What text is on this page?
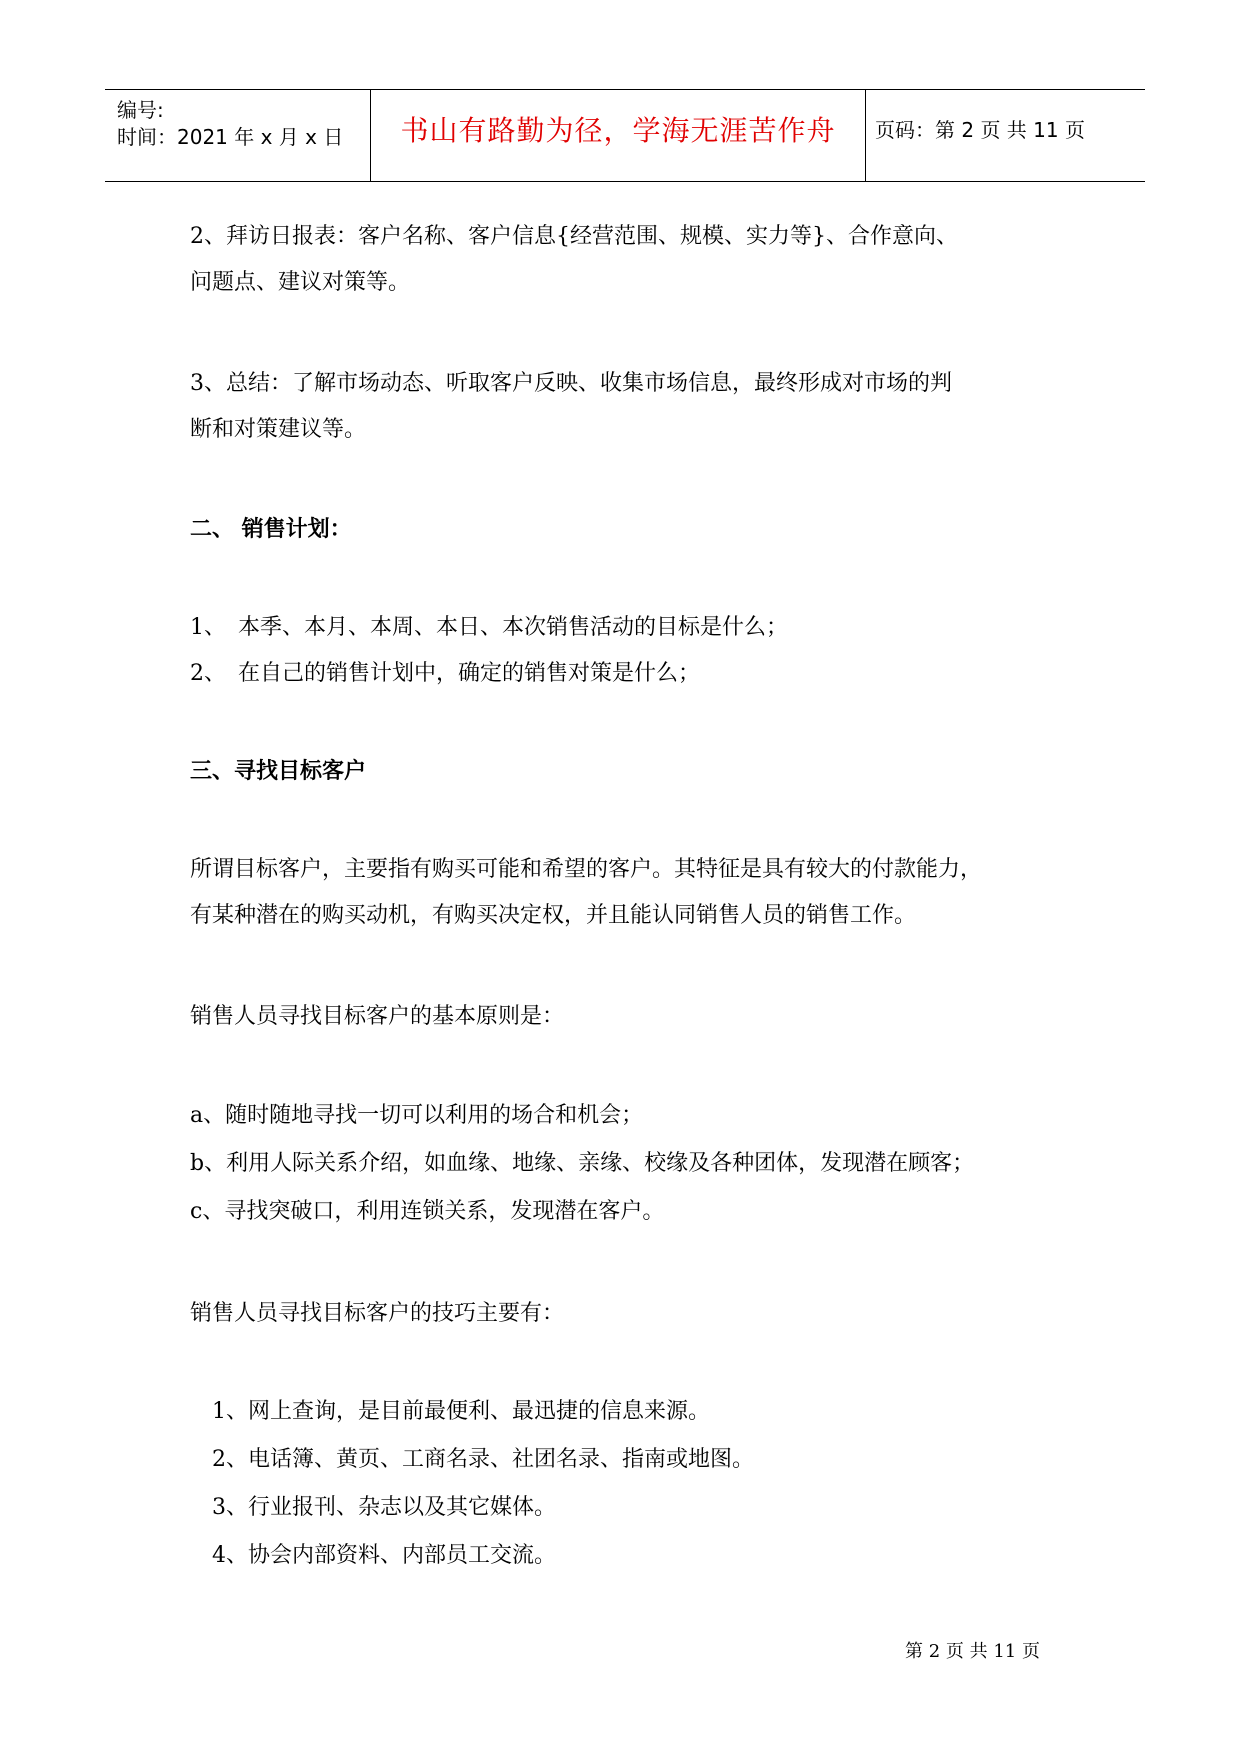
编号:
时间：2021 年 x 月 x 日 书山有路勤为径，学海无涯苦作舟 页码：第 2 页 共 11 页
2、拜访日报表：客户名称、客户信息{经营范围、规模、实力等}、合作意向、
问题点、建议对策等。
3、总结：了解市场动态、听取客户反映、收集市场信息，最终形成对市场的判
断和对策建议等。
二、 销售计划：
1、 本季、本月、本周、本日、本次销售活动的目标是什么；
2、 在自己的销售计划中，确定的销售对策是什么；
三、寻找目标客户
所谓目标客户，主要指有购买可能和希望的客户。其特征是具有较大的付款能力，
有某种潜在的购买动机，有购买决定权，并且能认同销售人员的销售工作。
销售人员寻找目标客户的基本原则是：
a、随时随地寻找一切可以利用的场合和机会；
b、利用人际关系介绍，如血缘、地缘、亲缘、校缘及各种团体，发现潜在顾客；
c、寻找突破口，利用连锁关系，发现潜在客户。
销售人员寻找目标客户的技巧主要有：
1、网上查询，是目前最便利、最迅捷的信息来源。
2、电话簿、黄页、工商名录、社团名录、指南或地图。
3、行业报刊、杂志以及其它媒体。
4、协会内部资料、内部员工交流。
第 2 页 共 11 页
